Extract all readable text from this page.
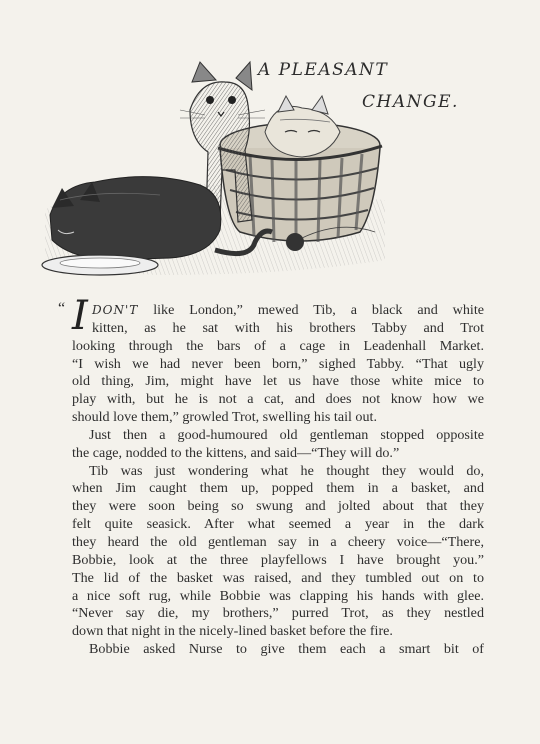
A PLEASANT
CHANGE.
“ I DON'T like London,” mewed Tib, a black and white

kitten, as he sat with his brothers Tabby and Trot

looking through the bars of a cage in Leadenhall Market.

“I wish we had never been born,” sighed Tabby. “That ugly

old thing, Jim, might have let us have those white mice to

play with, but he is not a cat, and does not know how we

should love them,” growled Trot, swelling his tail out.

Just then a good-humoured old gentleman stopped opposite

the cage, nodded to the kittens, and said—“They will do.”

Tib was just wondering what he thought they would do,

when Jim caught them up, popped them in a basket, and

they were soon being so swung and jolted about that they

felt quite seasick. After what seemed a year in the dark

they heard the old gentleman say in a cheery voice—“There,

Bobbie, look at the three playfellows I have brought you.”

The lid of the basket was raised, and they tumbled out on to

a nice soft rug, while Bobbie was clapping his hands with glee.

“Never say die, my brothers,” purred Trot, as they nestled

down that night in the nicely-lined basket before the fire.

Bobbie asked Nurse to give them each a smart bit of
